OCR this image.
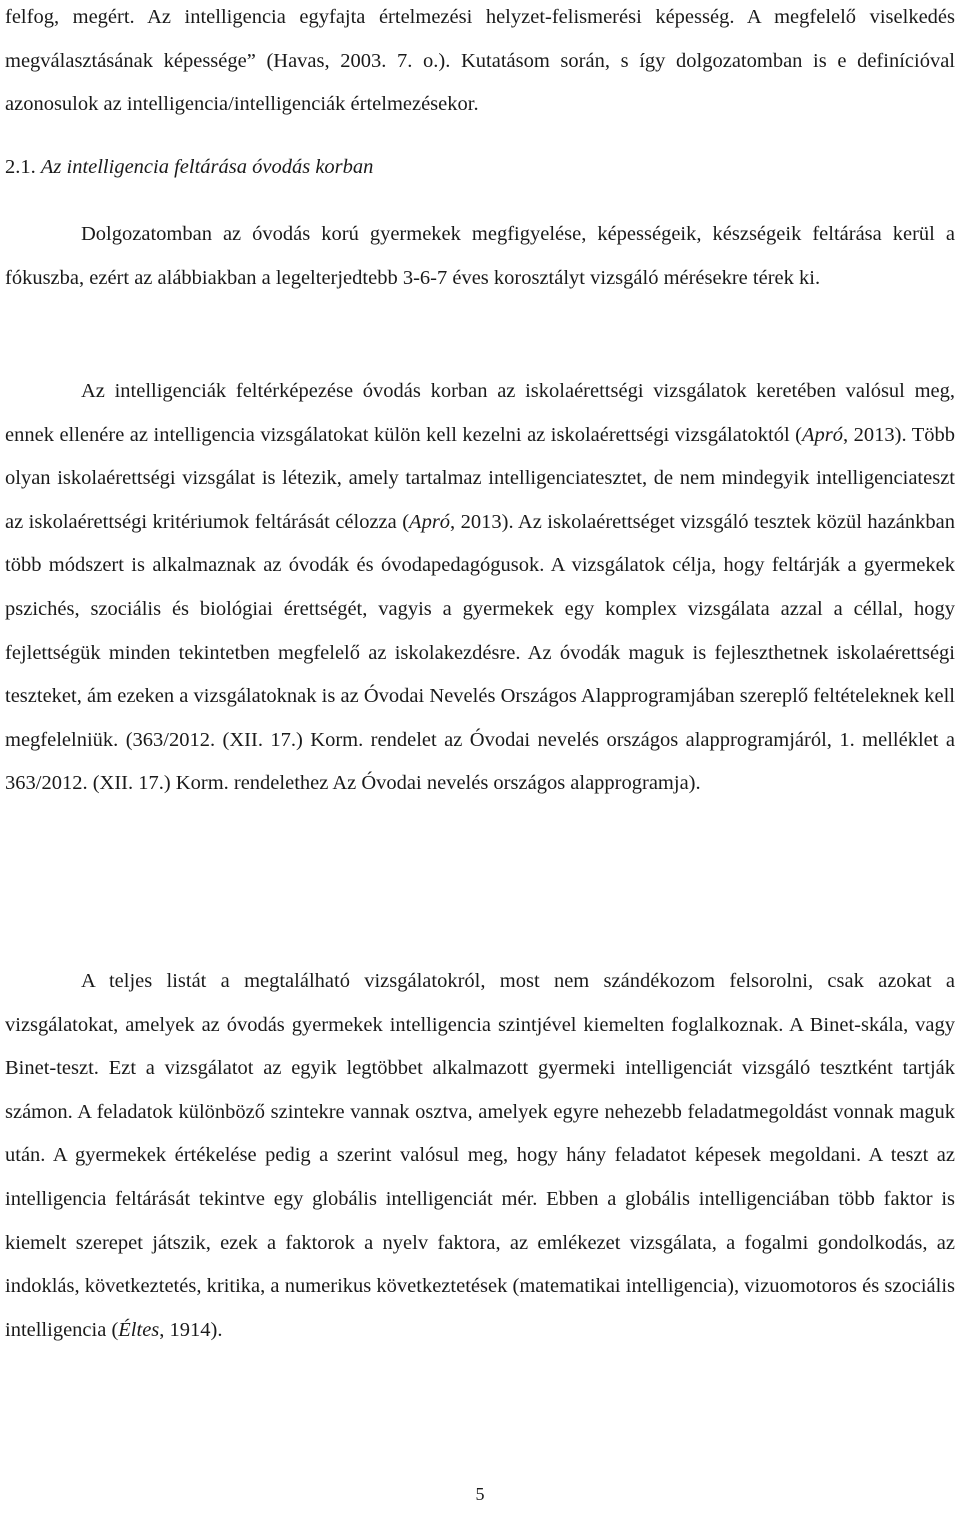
felfog, megért. Az intelligencia egyfajta értelmezési helyzet-felismerési képesség. A megfelelő viselkedés megválasztásának képessége” (Havas, 2003. 7. o.). Kutatásom során, s így dolgozatomban is e definícióval azonosulok az intelligencia/intelligenciák értelmezésekor.

2.1. Az intelligencia feltárása óvodás korban

Dolgozatomban az óvodás korú gyermekek megfigyelése, képességeik, készségeik feltárása kerül a fókuszba, ezért az alábbiakban a legelterjedtebb 3-6-7 éves korosztályt vizsgáló mérésekre térek ki.

Az intelligenciák feltérképezése óvodás korban az iskolaérettségi vizsgálatok keretében valósul meg, ennek ellenére az intelligencia vizsgálatokat külön kell kezelni az iskolaérettségi vizsgálatoktól (Apró, 2013). Több olyan iskolaérettségi vizsgálat is létezik, amely tartalmaz intelligenciatesztet, de nem mindegyik intelligenciateszt az iskolaérettségi kritériumok feltárását célozza (Apró, 2013). Az iskolaérettséget vizsgáló tesztek közül hazánkban több módszert is alkalmaznak az óvodák és óvodapedagógusok. A vizsgálatok célja, hogy feltárják a gyermekek pszichés, szociális és biológiai érettségét, vagyis a gyermekek egy komplex vizsgálata azzal a céllal, hogy fejlettségük minden tekintetben megfelelő az iskolakezdésre. Az óvodák maguk is fejleszthetnek iskolaérettségi teszteket, ám ezeken a vizsgálatoknak is az Óvodai Nevelés Országos Alapprogramjában szereplő feltételeknek kell megfelelniük. (363/2012. (XII. 17.) Korm. rendelet az Óvodai nevelés országos alapprogramjáról, 1. melléklet a 363/2012. (XII. 17.) Korm. rendelethez Az Óvodai nevelés országos alapprogramja).

A teljes listát a megtalálható vizsgálatokról, most nem szándékozom felsorolni, csak azokat a vizsgálatokat, amelyek az óvodás gyermekek intelligencia szintjével kiemelten foglalkoznak. A Binet-skála, vagy Binet-teszt. Ezt a vizsgálatot az egyik legtöbbet alkalmazott gyermeki intelligenciát vizsgáló tesztként tartják számon. A feladatok különböző szintekre vannak osztva, amelyek egyre nehezebb feladatmegoldást vonnak maguk után. A gyermekek értékelése pedig a szerint valósul meg, hogy hány feladatot képesek megoldani. A teszt az intelligencia feltárását tekintve egy globális intelligenciát mér. Ebben a globális intelligenciában több faktor is kiemelt szerepet játszik, ezek a faktorok a nyelv faktora, az emlékezet vizsgálata, a fogalmi gondolkodás, az indoklás, következtetés, kritika, a numerikus következtetések (matematikai intelligencia), vizuomotoros és szociális intelligencia (Éltes, 1914).

5
